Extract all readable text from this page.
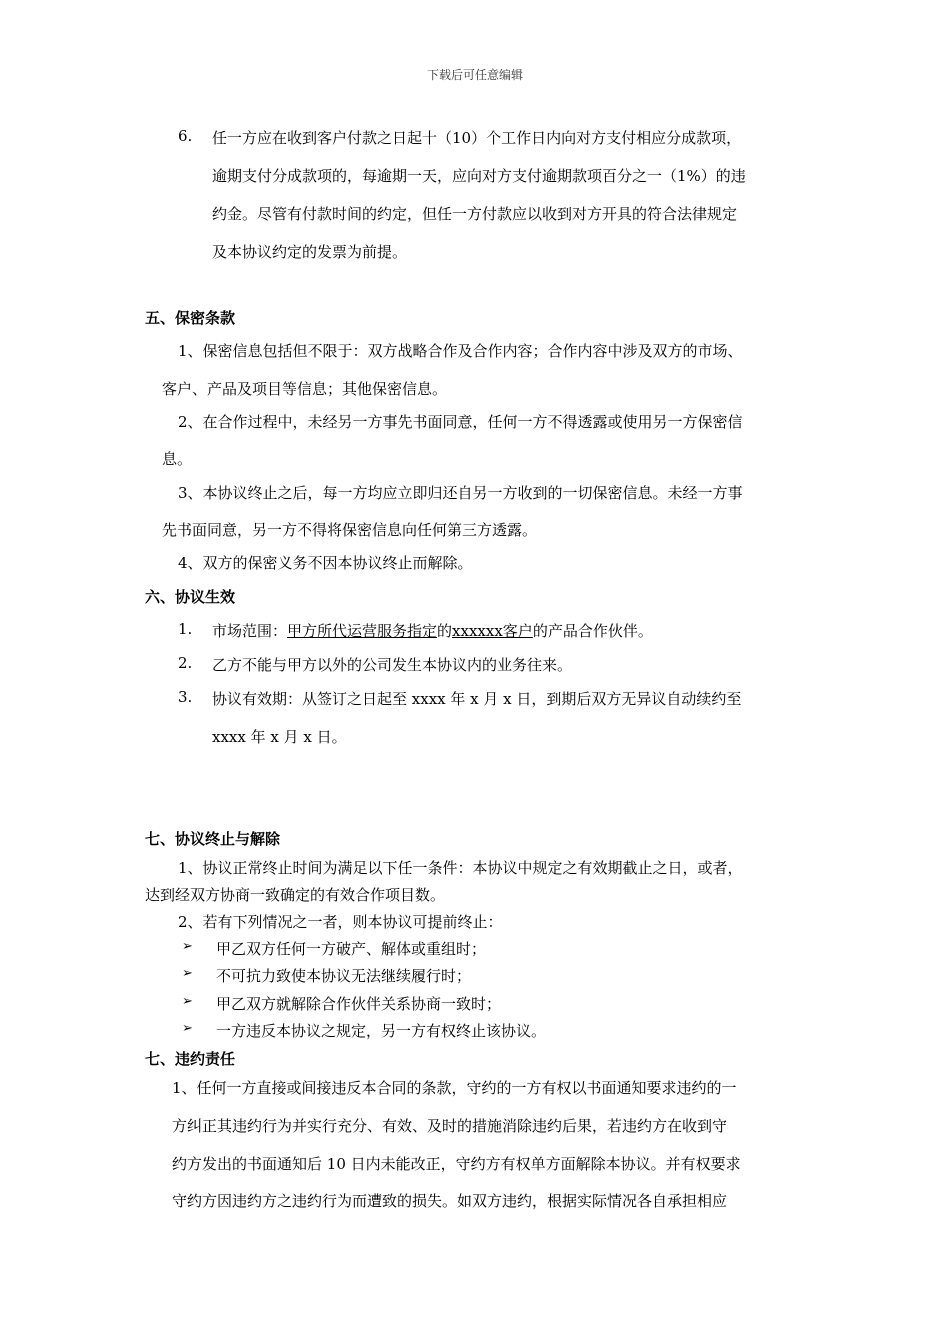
下载后可任意编辑
6. 任一方应在收到客户付款之日起十（10）个工作日内向对方支付相应分成款项，
逾期支付分成款项的，每逾期一天，应向对方支付逾期款项百分之一（1%）的违
约金。尽管有付款时间的约定，但任一方付款应以收到对方开具的符合法律规定
及本协议约定的发票为前提。
五、保密条款
1、保密信息包括但不限于：双方战略合作及合作内容；合作内容中涉及双方的市场、
客户、产品及项目等信息；其他保密信息。
2、在合作过程中，未经另一方事先书面同意，任何一方不得透露或使用另一方保密信
息。
3、本协议终止之后，每一方均应立即归还自另一方收到的一切保密信息。未经一方事
先书面同意，另一方不得将保密信息向任何第三方透露。
4、双方的保密义务不因本协议终止而解除。
六、协议生效
1. 市场范围：甲方所代运营服务指定的xxxxxx客户的产品合作伙伴。
2. 乙方不能与甲方以外的公司发生本协议内的业务往来。
3. 协议有效期：从签订之日起至 xxxx 年 x 月 x 日，到期后双方无异议自动续约至
xxxx 年 x 月 x 日。
七、协议终止与解除
1、协议正常终止时间为满足以下任一条件：本协议中规定之有效期截止之日，或者，
达到经双方协商一致确定的有效合作项目数。
2、若有下列情况之一者，则本协议可提前终止：
➢ 甲乙双方任何一方破产、解体或重组时；
➢ 不可抗力致使本协议无法继续履行时；
➢ 甲乙双方就解除合作伙伴关系协商一致时；
➢ 一方违反本协议之规定，另一方有权终止该协议。
七、违约责任
1、任何一方直接或间接违反本合同的条款，守约的一方有权以书面通知要求违约的一
方纠正其违约行为并实行充分、有效、及时的措施消除违约后果，若违约方在收到守
约方发出的书面通知后 10 日内未能改正，守约方有权单方面解除本协议。并有权要求
守约方因违约方之违约行为而遭致的损失。如双方违约，根据实际情况各自承担相应
